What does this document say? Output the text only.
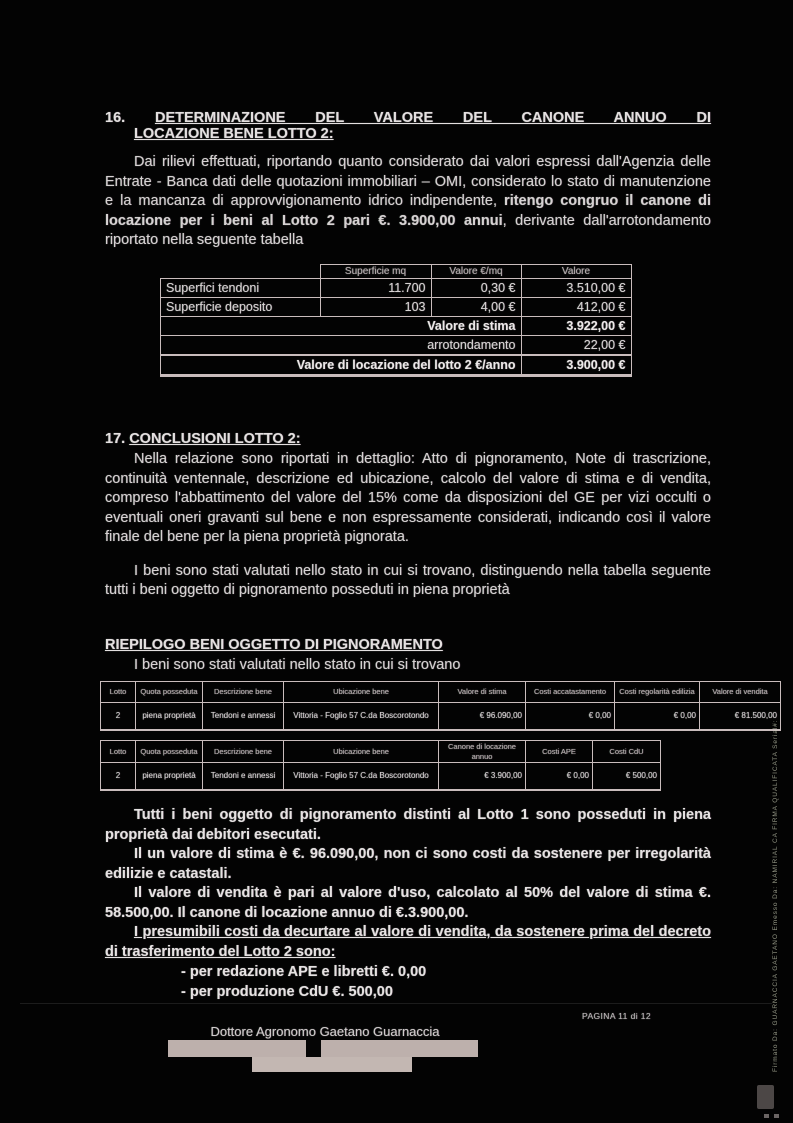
16. DETERMINAZIONE DEL VALORE DEL CANONE ANNUO DI
LOCAZIONE BENE LOTTO 2:

Dai rilievi effettuati, riportando quanto considerato dai valori espressi dall'Agenzia delle Entrate - Banca dati delle quotazioni immobiliari – OMI, considerato lo stato di manutenzione e la mancanza di approvvigionamento idrico indipendente, ritengo congruo il canone di locazione per i beni al Lotto 2 pari €. 3.900,00 annui, derivante dall'arrotondamento riportato nella seguente tabella

	Superficie mq	Valore €/mq	Valore
Superfici tendoni	11.700	0,30 €	3.510,00 €
Superficie deposito	103	4,00 €	412,00 €
Valore di stima			3.922,00 €
arrotondamento			22,00 €
Valore di locazione del lotto 2 €/anno			3.900,00 €
17. CONCLUSIONI LOTTO 2:

Nella relazione sono riportati in dettaglio: Atto di pignoramento, Note di trascrizione, continuità ventennale, descrizione ed ubicazione, calcolo del valore di stima e di vendita, compreso l'abbattimento del valore del 15% come da disposizioni del GE per vizi occulti o eventuali oneri gravanti sul bene e non espressamente considerati, indicando così il valore finale del bene per la piena proprietà pignorata.

I beni sono stati valutati nello stato in cui si trovano, distinguendo nella tabella seguente tutti i beni oggetto di pignoramento posseduti in piena proprietà

RIEPILOGO BENI OGGETTO DI PIGNORAMENTO

I beni sono stati valutati nello stato in cui si trovano

Lotto	Quota posseduta	Descrizione bene	Ubicazione bene	Valore di stima	Costi accatastamento	Costi regolarità edilizia	Valore di vendita
2	piena proprietà	Tendoni e annessi	Vittoria - Foglio 57 C.da Boscorotondo	€ 96.090,00	€ 0,00	€ 0,00	€ 81.500,00
Lotto	Quota posseduta	Descrizione bene	Ubicazione bene	Canone di locazione annuo	Costi APE	Costi CdU
2	piena proprietà	Tendoni e annessi	Vittoria - Foglio 57 C.da Boscorotondo	€ 3.900,00	€ 0,00	€ 500,00

Tutti i beni oggetto di pignoramento distinti al Lotto 1 sono posseduti in piena proprietà dai debitori esecutati.

Il un valore di stima è €. 96.090,00, non ci sono costi da sostenere per irregolarità edilizie e catastali.

Il valore di vendita è pari al valore d'uso, calcolato al 50% del valore di stima €. 58.500,00. Il canone di locazione annuo di €.3.900,00.

I presumibili costi da decurtare al valore di vendita, da sostenere prima del decreto di trasferimento del Lotto 2 sono:

- per redazione APE e libretti €. 0,00
- per produzione CdU €. 500,00
PAGINA 11 di 12
Dottore Agronomo Gaetano Guarnaccia	Firmato Da: GUARNACCIA GAETANO Emesso Da: NAMIRIAL CA FIRMA QUALIFICATA Serial#:
